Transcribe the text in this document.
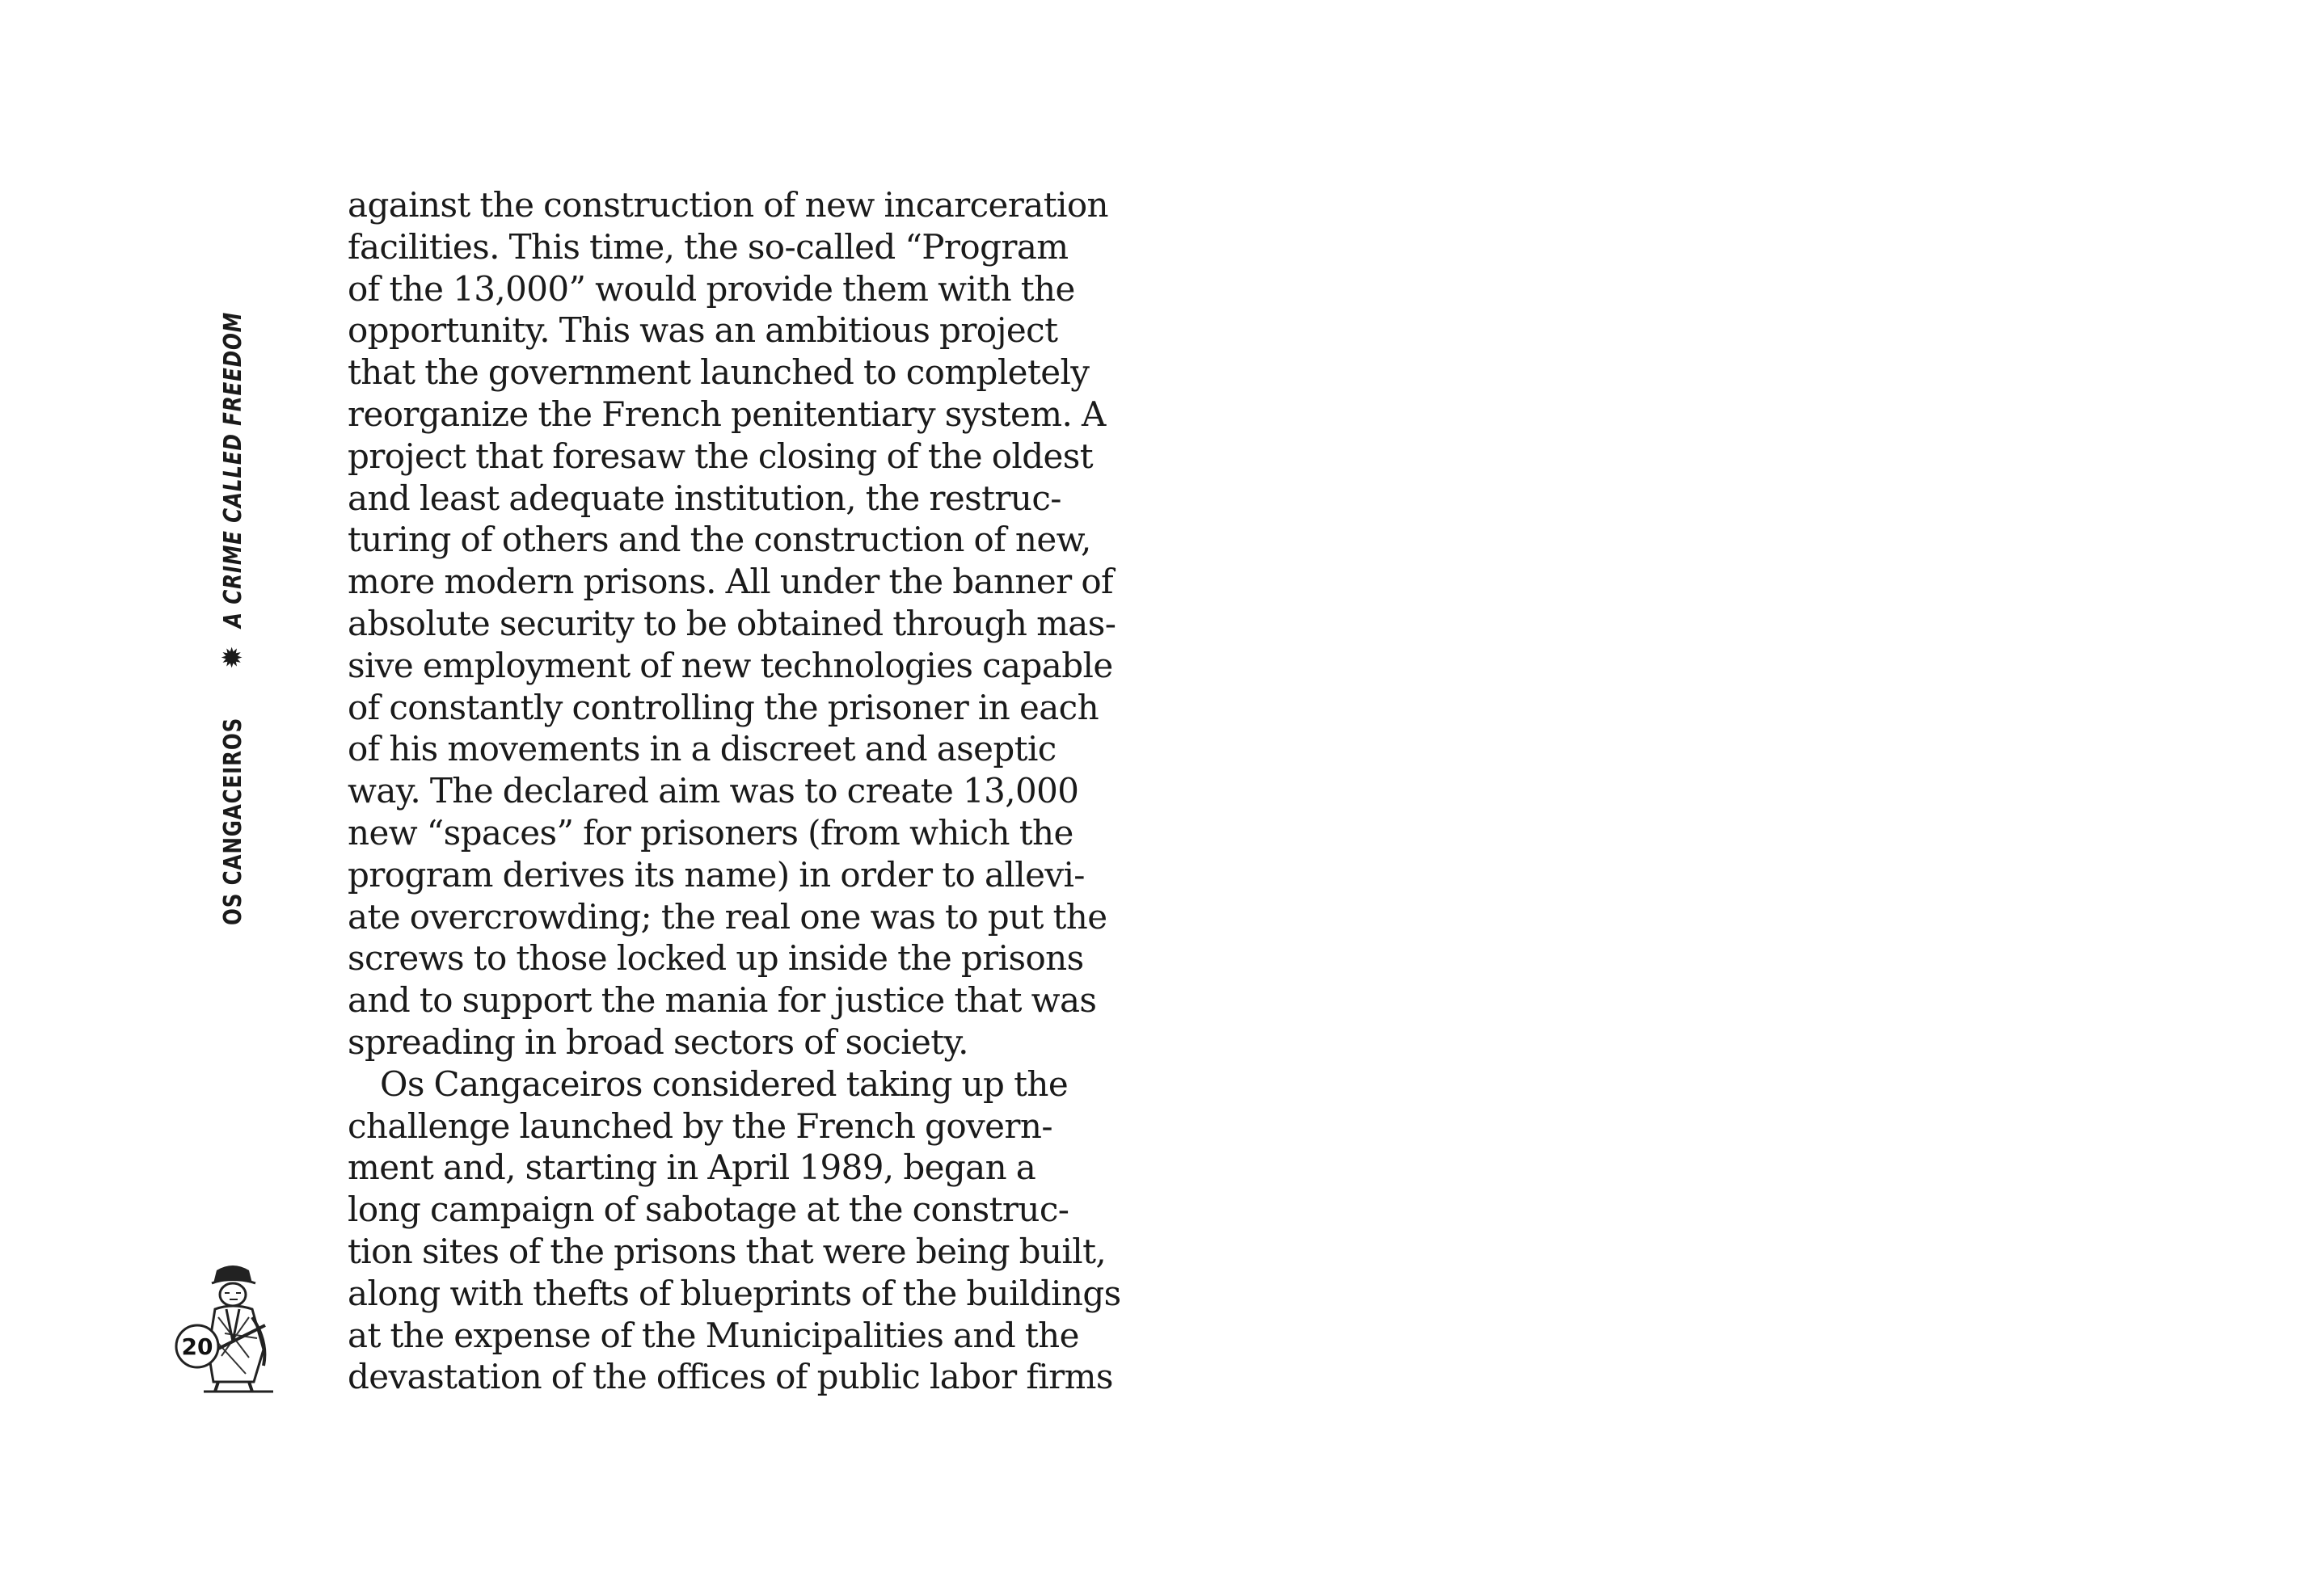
OS CANGACEIROS
✹
A CRIME CALLED FREEDOM
against the construction of new incarceration
facilities. This time, the so-called “Program
of the 13,000” would provide them with the
opportunity. This was an ambitious project
that the government launched to completely
reorganize the French penitentiary system. A
project that foresaw the closing of the oldest
and least adequate institution, the restruc-
turing of others and the construction of new,
more modern prisons. All under the banner of
absolute security to be obtained through mas-
sive employment of new technologies capable
of constantly controlling the prisoner in each
of his movements in a discreet and aseptic
way. The declared aim was to create 13,000
new “spaces” for prisoners (from which the
program derives its name) in order to allevi-
ate overcrowding; the real one was to put the
screws to those locked up inside the prisons
and to support the mania for justice that was
spreading in broad sectors of society.
Os Cangaceiros considered taking up the
challenge launched by the French govern-
ment and, starting in April 1989, began a
long campaign of sabotage at the construc-
tion sites of the prisons that were being built,
along with thefts of blueprints of the buildings
at the expense of the Municipalities and the
devastation of the offices of public labor firms
20
